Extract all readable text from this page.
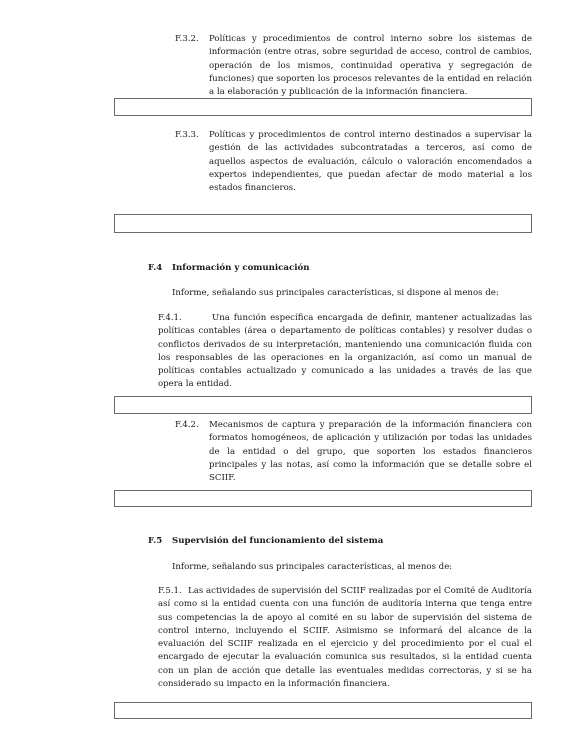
F.3.2. Políticas y procedimientos de control interno sobre los sistemas de información (entre otras, sobre seguridad de acceso, control de cambios, operación de los mismos, continuidad operativa y segregación de funciones) que soporten los procesos relevantes de la entidad en relación a la elaboración y publicación de la información financiera.
F.3.3. Políticas y procedimientos de control interno destinados a supervisar la gestión de las actividades subcontratadas a terceros, así como de aquellos aspectos de evaluación, cálculo o valoración encomendados a expertos independientes, que puedan afectar de modo material a los estados financieros.
F.4 Información y comunicación
Informe, señalando sus principales características, si dispone al menos de:
F.4.1.	Una función específica encargada de definir, mantener actualizadas las políticas contables (área o departamento de políticas contables) y resolver dudas o conflictos derivados de su interpretación, manteniendo una comunicación fluida con los responsables de las operaciones en la organización, así como un manual de políticas contables actualizado y comunicado a las unidades a través de las que opera la entidad.
F.4.2. Mecanismos de captura y preparación de la información financiera con formatos homogéneos, de aplicación y utilización por todas las unidades de la entidad o del grupo, que soporten los estados financieros principales y las notas, así como la información que se detalle sobre el SCIIF.
F.5 Supervisión del funcionamiento del sistema
Informe, señalando sus principales características, al menos de:
F.5.1. Las actividades de supervisión del SCIIF realizadas por el Comité de Auditoría así como si la entidad cuenta con una función de auditoría interna que tenga entre sus competencias la de apoyo al comité en su labor de supervisión del sistema de control interno, incluyendo el SCIIF. Asimismo se informará del alcance de la evaluación del SCIIF realizada en el ejercicio y del procedimiento por el cual el encargado de ejecutar la evaluación comunica sus resultados, si la entidad cuenta con un plan de acción que detalle las eventuales medidas correctoras, y si se ha considerado su impacto en la información financiera.
